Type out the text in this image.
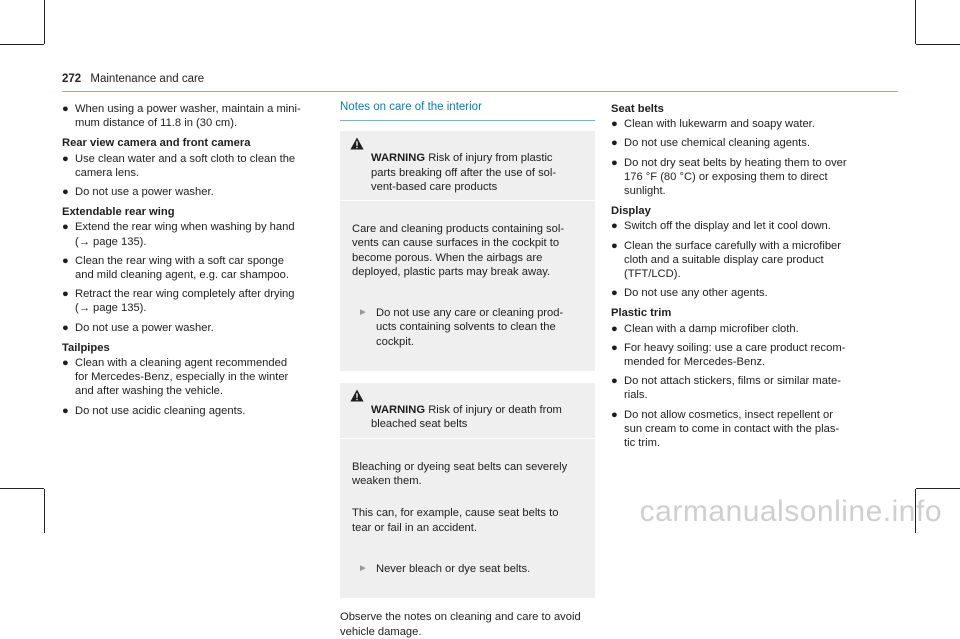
272 Maintenance and care
● When using a power washer, maintain a mini-
mum distance of 11.8 in (30 cm).
Rear view camera and front camera
● Use clean water and a soft cloth to clean the
camera lens.
● Do not use a power washer.
Extendable rear wing
● Extend the rear wing when washing by hand
(→ page 135).
● Clean the rear wing with a soft car sponge
and mild cleaning agent, e.g. car shampoo.
● Retract the rear wing completely after drying
(→ page 135).
● Do not use a power washer.
Tailpipes
● Clean with a cleaning agent recommended
for Mercedes-Benz, especially in the winter
and after washing the vehicle.
● Do not use acidic cleaning agents.
Notes on care of the interior

WARNING Risk of injury from plastic
parts breaking off after the use of sol-
vent-based care products

Care and cleaning products containing sol-
vents can cause surfaces in the cockpit to
become porous. When the airbags are
deployed, plastic parts may break away.

► Do not use any care or cleaning prod-
ucts containing solvents to clean the
cockpit.

WARNING Risk of injury or death from
bleached seat belts

Bleaching or dyeing seat belts can severely
weaken them.

This can, for example, cause seat belts to
tear or fail in an accident.

► Never bleach or dye seat belts.

Observe the notes on cleaning and care to avoid
vehicle damage.
Seat belts
● Clean with lukewarm and soapy water.
● Do not use chemical cleaning agents.
● Do not dry seat belts by heating them to over
176 °F (80 °C) or exposing them to direct
sunlight.
Display
● Switch off the display and let it cool down.
● Clean the surface carefully with a microfiber
cloth and a suitable display care product
(TFT/LCD).
● Do not use any other agents.
Plastic trim
● Clean with a damp microfiber cloth.
● For heavy soiling: use a care product recom-
mended for Mercedes-Benz.
● Do not attach stickers, films or similar mate-
rials.
● Do not allow cosmetics, insect repellent or
sun cream to come in contact with the plas-
tic trim.
carmanualsonline.info
